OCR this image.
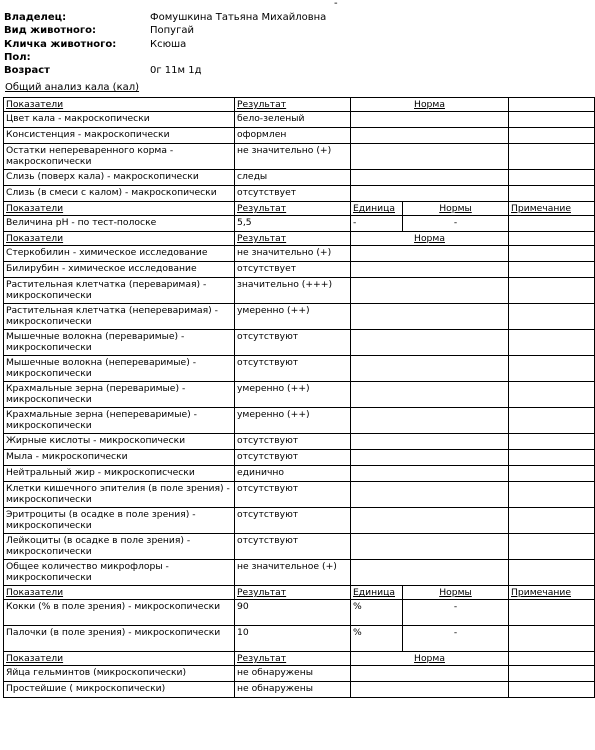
-
Владелец:	Фомушкина Татьяна Михайловна
Вид животного:	Попугай
Кличка животного:	Ксюша
Пол:
Возраст	0г 11м 1д
Общий анализ кала (кал)
Показатели	Результат	Норма		
Цвет кала - макроскопически	бело-зеленый			
Консистенция - макроскопически	оформлен			
Остатки непереваренного корма - макроскопически	не значительно (+)			
Слизь (поверх кала) - макроскопически	следы			
Слизь (в смеси с калом) - макроскопически	отсутствует			
Показатели	Результат	Единица	Нормы	Примечание
Величина pH - по тест-полоске	5,5	-	-	
Показатели	Результат	Норма		
Стеркобилин - химическое исследование	не значительно (+)			
Билирубин - химическое исследование	отсутствует			
Растительная клетчатка (переваримая) - микроскопически	значительно (+++)			
Растительная клетчатка (непереваримая) - микроскопически	умеренно (++)			
Мышечные волокна (переваримые) - микроскопически	отсутствуют			
Мышечные волокна (непереваримые) - микроскопически	отсутствуют			
Крахмальные зерна (переваримые) - микроскопически	умеренно (++)			
Крахмальные зерна (непереваримые) - микроскопически	умеренно (++)			
Жирные кислоты - микроскопически	отсутствуют			
Мыла - микроскопически	отсутствуют			
Нейтральный жир - микроскопиcчески	единично			
Клетки кишечного эпителия (в поле зрения) - микроскопически	отсутствуют			
Эритроциты (в осадке в поле зрения) - микроскопически	отсутствуют			
Лейкоциты (в осадке в поле зрения) - микроскопически	отсутствуют			
Общее количество микрофлоры - микроскопически	не значительное (+)			
Показатели	Результат	Единица	Нормы	Примечание
Кокки (% в поле зрения) - микроскопически	90	%	-	
Палочки (в поле зрения) - микроскопически	10	%	-	
Показатели	Результат	Норма		
Яйца гельминтов (микроскопически)	не обнаружены			
Простейшие ( микроскопически)	не обнаружены			
